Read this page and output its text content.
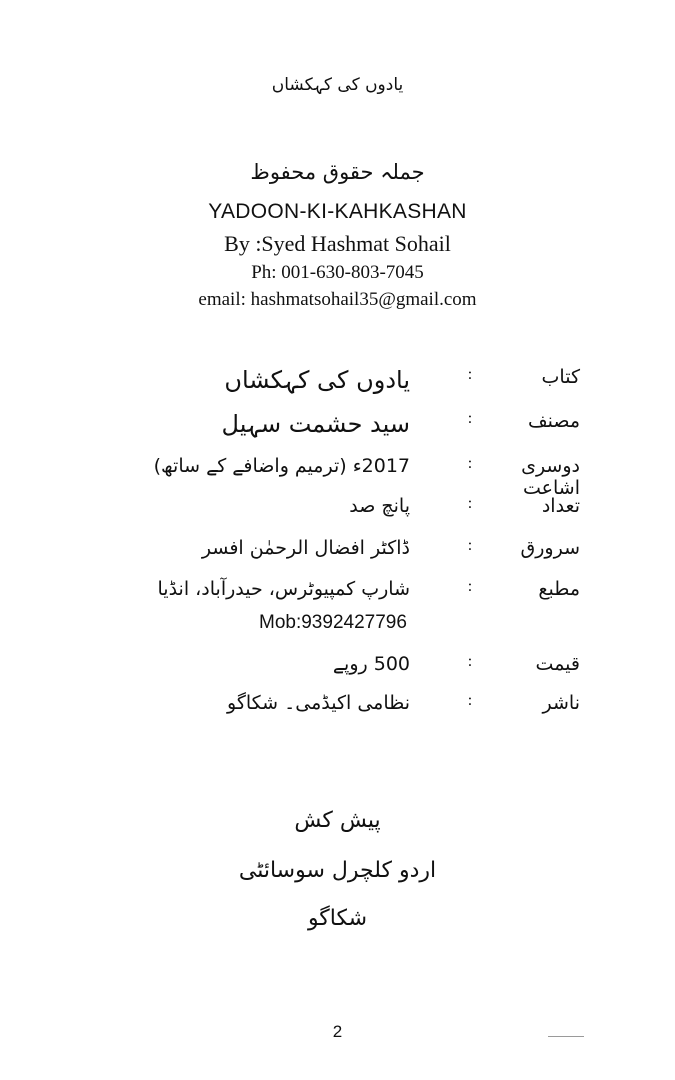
یادوں کی کہکشاں
جملہ حقوق محفوظ
YADOON-KI-KAHKASHAN
By :Syed Hashmat Sohail
Ph: 001-630-803-7045
email: hashmatsohail35@gmail.com
کتاب
:
یادوں کی کہکشاں
مصنف
:
سید حشمت سہیل
دوسری اشاعت
:
2017ء (ترمیم واضافے کے ساتھ)
تعداد
:
پانچ صد
سرورق
:
ڈاکٹر افضال الرحمٰن افسر
مطبع
:
شارپ کمپیوٹرس، حیدرآباد، انڈیا
Mob:9392427796
قیمت
:
500 روپے
ناشر
:
نظامی اکیڈمی۔ شکاگو
پیش کش
اردو کلچرل سوسائٹی
شکاگو
2
